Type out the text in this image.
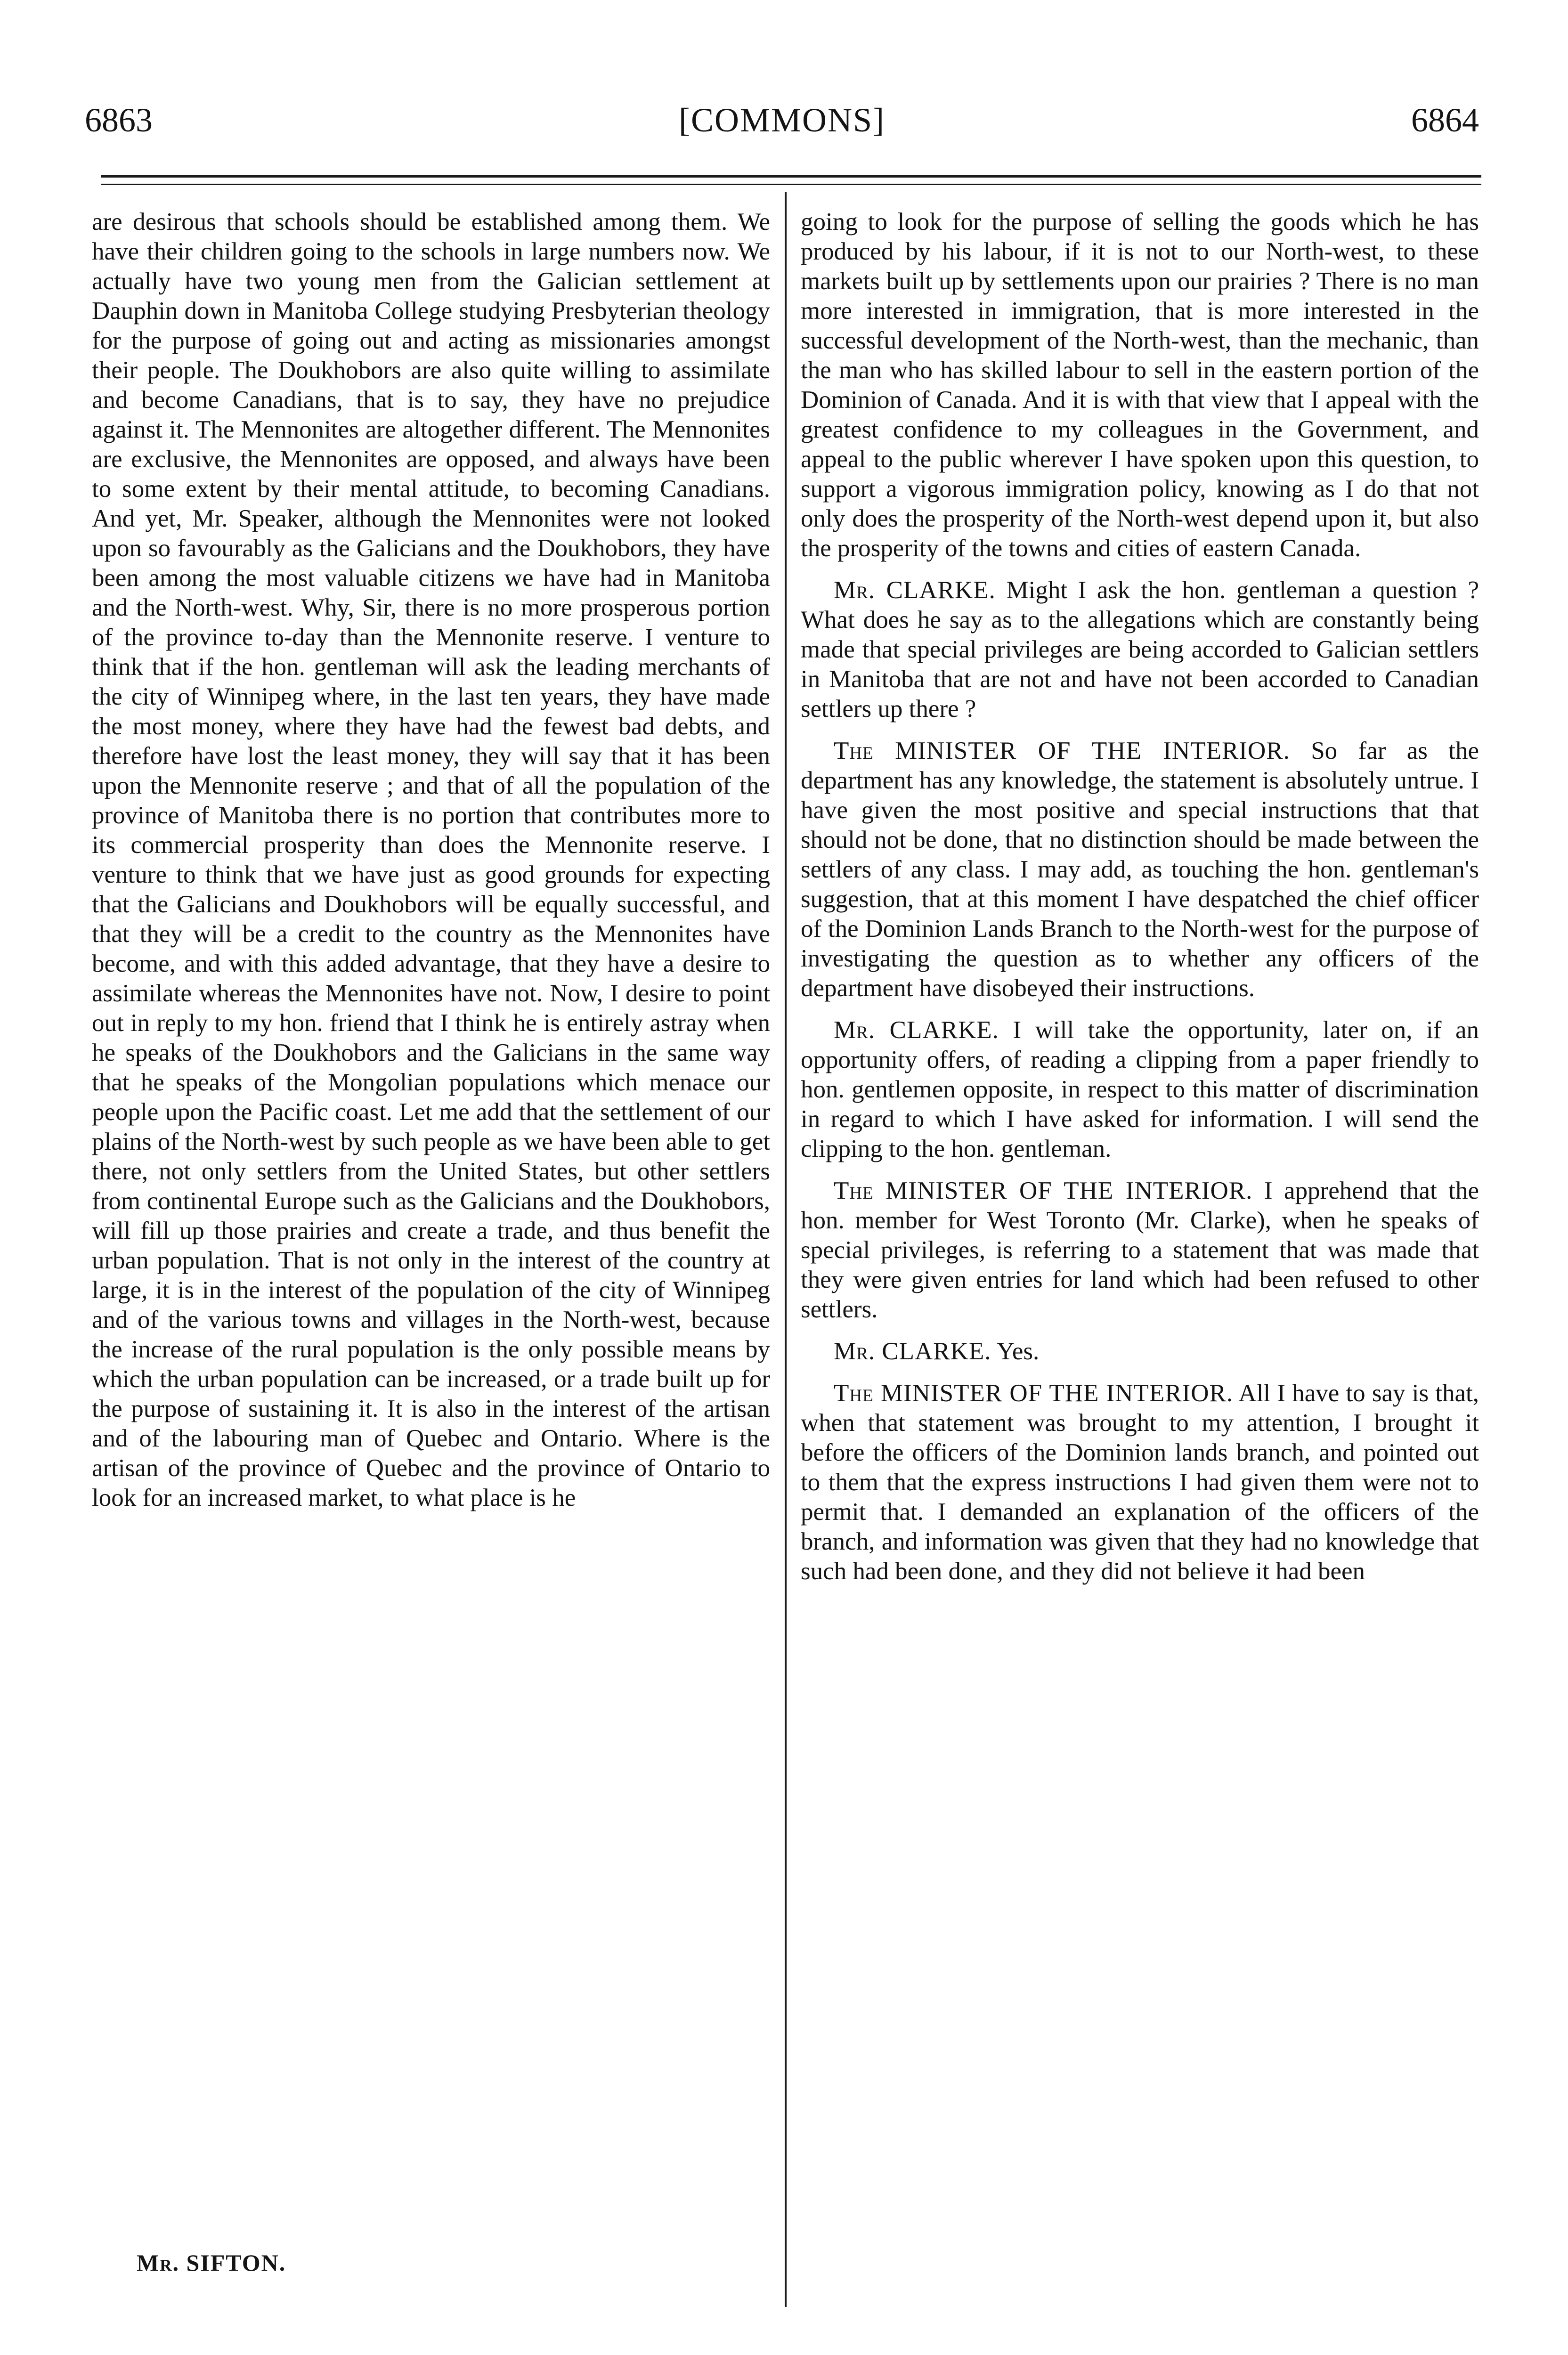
6863	[COMMONS]	6864

are desirous that schools should be established among them. We have their children going to the schools in large numbers now. We actually have two young men from the Galician settlement at Dauphin down in Manitoba College studying Presbyterian theology for the purpose of going out and acting as missionaries amongst their people. The Doukhobors are also quite willing to assimilate and become Canadians, that is to say, they have no prejudice against it. The Mennonites are altogether different. The Mennonites are exclusive, the Mennonites are opposed, and always have been to some extent by their mental attitude, to becoming Canadians. And yet, Mr. Speaker, although the Mennonites were not looked upon so favourably as the Galicians and the Doukhobors, they have been among the most valuable citizens we have had in Manitoba and the North-west. Why, Sir, there is no more prosperous portion of the province to-day than the Mennonite reserve. I venture to think that if the hon. gentleman will ask the leading merchants of the city of Winnipeg where, in the last ten years, they have made the most money, where they have had the fewest bad debts, and therefore have lost the least money, they will say that it has been upon the Mennonite reserve ; and that of all the population of the province of Manitoba there is no portion that contributes more to its commercial prosperity than does the Mennonite reserve. I venture to think that we have just as good grounds for expecting that the Galicians and Doukhobors will be equally successful, and that they will be a credit to the country as the Mennonites have become, and with this added advantage, that they have a desire to assimilate whereas the Mennonites have not. Now, I desire to point out in reply to my hon. friend that I think he is entirely astray when he speaks of the Doukhobors and the Galicians in the same way that he speaks of the Mongolian populations which menace our people upon the Pacific coast. Let me add that the settlement of our plains of the North-west by such people as we have been able to get there, not only settlers from the United States, but other settlers from continental Europe such as the Galicians and the Doukhobors, will fill up those prairies and create a trade, and thus benefit the urban population. That is not only in the interest of the country at large, it is in the interest of the population of the city of Winnipeg and of the various towns and villages in the North-west, because the increase of the rural population is the only possible means by which the urban population can be increased, or a trade built up for the purpose of sustaining it. It is also in the interest of the artisan and of the labouring man of Quebec and Ontario. Where is the artisan of the province of Quebec and the province of Ontario to look for an increased market, to what place is he

going to look for the purpose of selling the goods which he has produced by his labour, if it is not to our North-west, to these markets built up by settlements upon our prairies ? There is no man more interested in immigration, that is more interested in the successful development of the North-west, than the mechanic, than the man who has skilled labour to sell in the eastern portion of the Dominion of Canada. And it is with that view that I appeal with the greatest confidence to my colleagues in the Government, and appeal to the public wherever I have spoken upon this question, to support a vigorous immigration policy, knowing as I do that not only does the prosperity of the North-west depend upon it, but also the prosperity of the towns and cities of eastern Canada.

Mr. CLARKE. Might I ask the hon. gentleman a question ? What does he say as to the allegations which are constantly being made that special privileges are being accorded to Galician settlers in Manitoba that are not and have not been accorded to Canadian settlers up there ?

The MINISTER OF THE INTERIOR. So far as the department has any knowledge, the statement is absolutely untrue. I have given the most positive and special instructions that that should not be done, that no distinction should be made between the settlers of any class. I may add, as touching the hon. gentleman's suggestion, that at this moment I have despatched the chief officer of the Dominion Lands Branch to the North-west for the purpose of investigating the question as to whether any officers of the department have disobeyed their instructions.

Mr. CLARKE. I will take the opportunity, later on, if an opportunity offers, of reading a clipping from a paper friendly to hon. gentlemen opposite, in respect to this matter of discrimination in regard to which I have asked for information. I will send the clipping to the hon. gentleman.

The MINISTER OF THE INTERIOR. I apprehend that the hon. member for West Toronto (Mr. Clarke), when he speaks of special privileges, is referring to a statement that was made that they were given entries for land which had been refused to other settlers.

Mr. CLARKE. Yes.

The MINISTER OF THE INTERIOR. All I have to say is that, when that statement was brought to my attention, I brought it before the officers of the Dominion lands branch, and pointed out to them that the express instructions I had given them were not to permit that. I demanded an explanation of the officers of the branch, and information was given that they had no knowledge that such had been done, and they did not believe it had been

Mr. SIFTON.
